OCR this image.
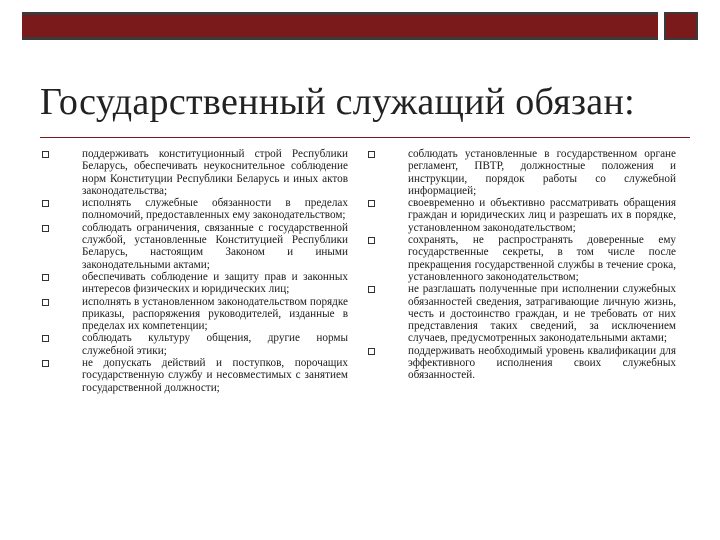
Государственный служащий обязан:
поддерживать конституционный строй Республики Беларусь, обеспечивать неукоснительное соблюдение норм Конституции Республики Беларусь и иных актов законодательства;
исполнять служебные обязанности в пределах полномочий, предоставленных ему законодательством;
соблюдать ограничения, связанные с государственной службой, установленные Конституцией Республики Беларусь, настоящим Законом и иными законодательными актами;
обеспечивать соблюдение и защиту прав и законных интересов физических и юридических лиц;
исполнять в установленном законодательством порядке приказы, распоряжения руководителей, изданные в пределах их компетенции;
соблюдать культуру общения, другие нормы служебной этики;
не допускать действий и поступков, порочащих государственную службу и несовместимых с занятием государственной должности;
соблюдать установленные в государственном органе регламент, ПВТР, должностные положения и инструкции, порядок работы со служебной информацией;
своевременно и объективно рассматривать обращения граждан и юридических лиц и разрешать их в порядке, установленном законодательством;
сохранять, не распространять доверенные ему государственные секреты, в том числе после прекращения государственной службы в течение срока, установленного законодательством;
не разглашать полученные при исполнении служебных обязанностей сведения, затрагивающие личную жизнь, честь и достоинство граждан, и не требовать от них представления таких сведений, за исключением случаев, предусмотренных законодательными актами;
поддерживать необходимый уровень квалификации для эффективного исполнения своих служебных обязанностей.
